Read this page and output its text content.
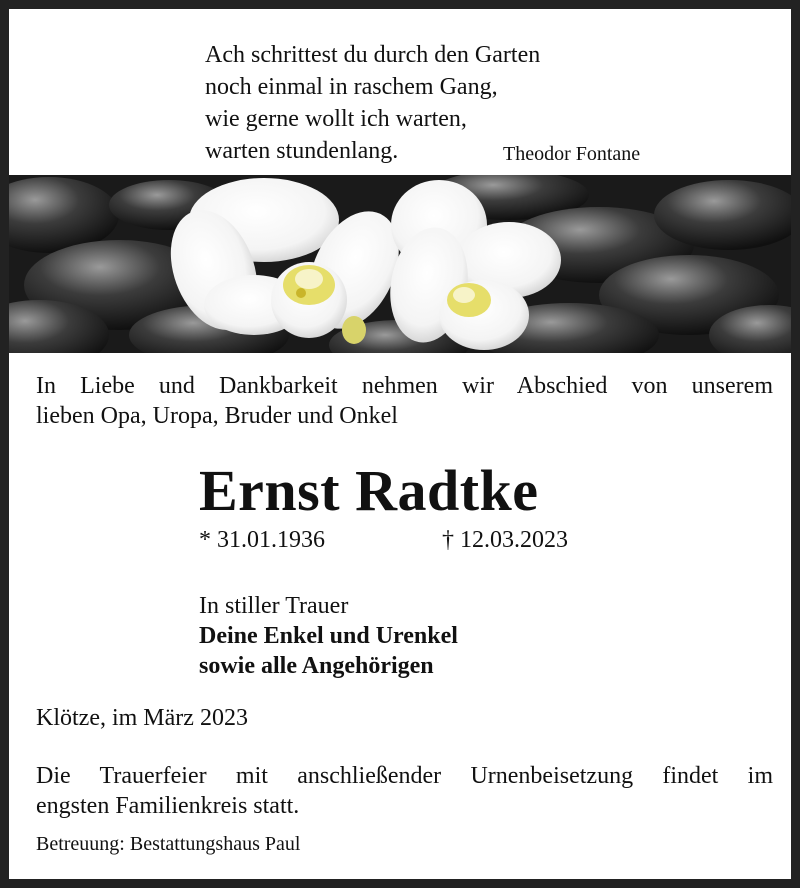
Ach schrittest du durch den Garten
noch einmal in raschem Gang,
wie gerne wollt ich warten,
warten stundenlang.	Theodor Fontane
In Liebe und Dankbarkeit nehmen wir Abschied von unserem
lieben Opa, Uropa, Bruder und Onkel
Ernst Radtke
* 31.01.1936	† 12.03.2023
In stiller Trauer
Deine Enkel und Urenkel
sowie alle Angehörigen
Klötze, im März 2023
Die Trauerfeier mit anschließender Urnenbeisetzung findet im
engsten Familienkreis statt.
Betreuung: Bestattungshaus Paul
